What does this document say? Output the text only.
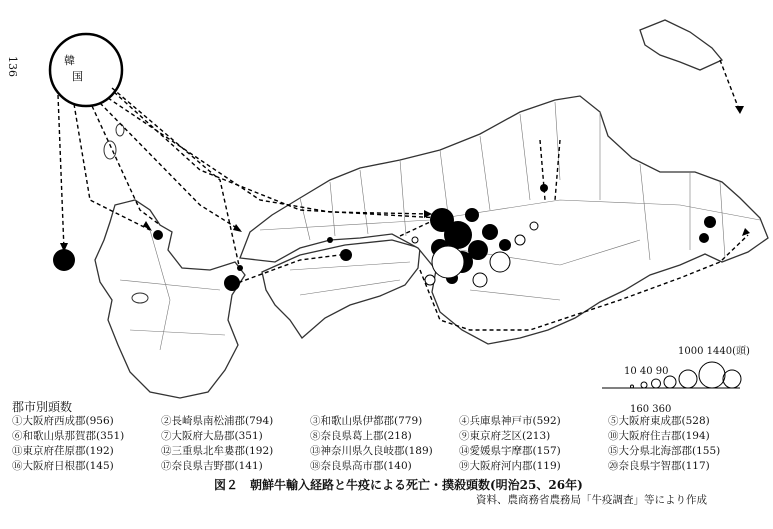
136	韓
国
郡市別頭数
①大阪府西成郡(956)	②長崎県南松浦郡(794)	③和歌山県伊都郡(779)	④兵庫県神戸市(592)	⑤大阪府東成郡(528)
⑥和歌山県那賀郡(351)	⑦大阪府大島郡(351)	⑧奈良県葛上郡(218)	⑨東京府芝区(213)	⑩大阪府住吉郡(194)
⑪東京府荏原郡(192)	⑫三重県北牟婁郡(192)	⑬神奈川県久良岐郡(189)	⑭愛媛県宇摩郡(157)	⑮大分県北海部郡(155)
⑯大阪府日根郡(145)	⑰奈良県吉野郡(141)	⑱奈良県高市郡(140)	⑲大阪府河内郡(119)	⑳奈良県宇智郡(117)
1000 1440(頭)
10 40 90
160 360
図２　朝鮮牛輸入経路と牛疫による死亡・撲殺頭数(明治25、26年)
資料、農商務省農務局「牛疫調査」等により作成
